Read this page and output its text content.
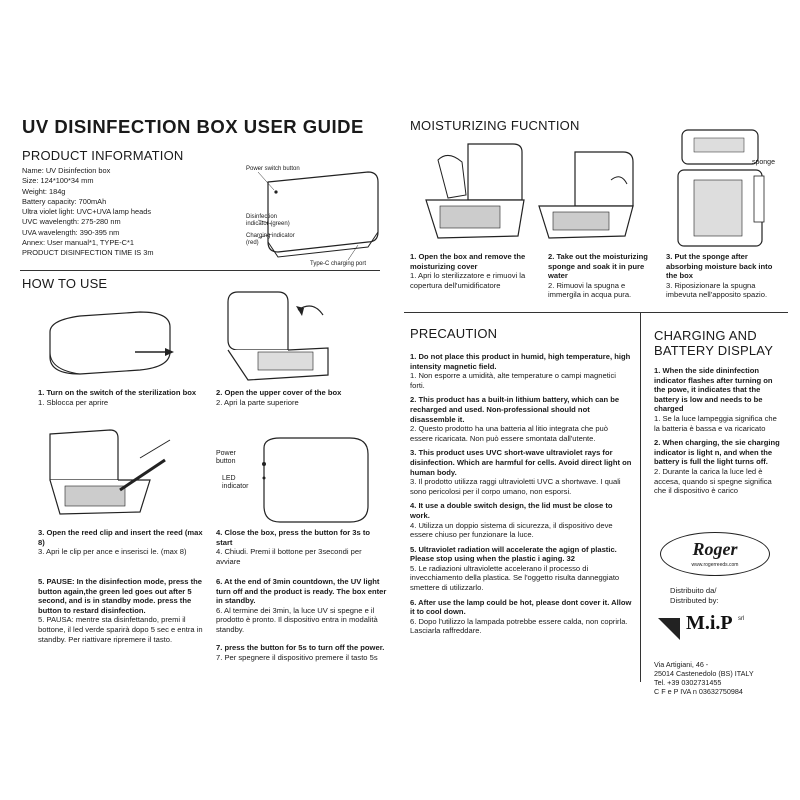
UV DISINFECTION BOX USER GUIDE
PRODUCT INFORMATION
Name: UV Disinfection box
Size: 124*100*34 mm
Weight: 184g
Battery capacity: 700mAh
Ultra violet light: UVC+UVA lamp heads
UVC wavelength: 275-280 nm
UVA wavelength: 390-395 nm
Annex: User manual*1, TYPE-C*1
PRODUCT DISINFECTION TIME IS 3m
Power switch button
Disinfection indicator (green)
Charging indicator (red)
Type-C charging port
HOW TO USE
1. Turn on the switch of the sterilization box
1. Sblocca per aprire
2. Open the upper cover of the box
2. Apri la parte superiore
3. Open the reed clip and insert the reed (max 8)
3. Apri le clip per ance e inserisci le. (max 8)
Power button
LED indicator
4. Close the box, press the button for 3s to start
4. Chiudi. Premi il bottone per 3secondi per avviare
5. PAUSE: In the disinfection mode, press the button again,the green led goes out after 5 second, and is in standby mode. press the button to restard disinfection.
5. PAUSA: mentre sta disinfettando, premi il bottone, il led verde sparirà dopo 5 sec e entra in standby. Per riattivare ripremere il tasto.
6. At the end of 3min countdown, the UV light turn off and the product is ready. The box enter in standby.
6. Al termine dei 3min, la luce UV si spegne e il prodotto è pronto. Il dispositivo entra in modalità standby.
7. press the button for 5s to turn off the power.
7. Per spegnere il dispositivo premere il tasto 5s
MOISTURIZING FUCNTION
sponge
1. Open the box and remove the moisturizing cover
1. Apri lo sterilizzatore e rimuovi la copertura dell'umidificatore
2. Take out the moisturizing sponge and soak it in pure water
2. Rimuovi la spugna e immergila in acqua pura.
3. Put the sponge after absorbing moisture back into the box
3. Riposizionare la spugna imbevuta nell'apposito spazio.
PRECAUTION

1. Do not place this product in humid, high temperature, high intensity magnetic field.
1. Non esporre a umidità, alte temperature o campi magnetici forti.

2. This product has a built-in lithium battery, which can be recharged and used. Non-professional should not disassemble it.
2. Questo prodotto ha una batteria al litio integrata che può essere ricaricata. Non può essere smontata dall'utente.

3. This product uses UVC short-wave ultraviolet rays for disinfection. Which are harmful for cells. Avoid direct light on human body.
3. Il prodotto utilizza raggi ultravioletti UVC a shortwave. I quali sono pericolosi per il corpo umano, non esporsi.

4. It use a double switch design, the lid must be close to work.
4. Utilizza un doppio sistema di sicurezza, il dispositivo deve essere chiuso per funzionare la luce.

5. Ultraviolet radiation will accelerate the agign of plastic. Please stop using when the plastic i aging. 32
5. Le radiazioni ultraviolette accelerano il processo di invecchiamento della plastica. Se l'oggetto risulta danneggiato smettere di utilizzarlo.

6. After use the lamp could be hot, please dont cover it. Allow it to cool down.
6. Dopo l'utilizzo la lampada potrebbe essere calda, non coprirla. Lasciarla raffreddare.

CHARGING AND
BATTERY DISPLAY

1. When the side dininfection indicator flashes after turning on the powe, it indicates that the battery is low and needs to be charged
1. Se la luce lampeggia significa che la batteria è bassa e va ricaricato

2. When charging, the sie charging indicator is light n, and when the battery is full the light turns off.
2. Durante la carica la luce led è accesa, quando si spegne significa che il dispositivo è carico

Roger
www.rogerreeds.com
Distribuito da/
Distributed by:
M.i.P srl
Via Artigiani, 46 -
25014 Castenedolo (BS) ITALY
Tel. +39 0302731455
C F e P IVA n 03632750984
